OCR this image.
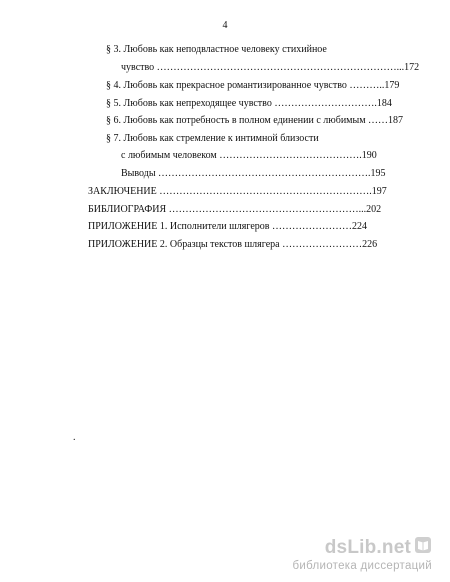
4
§ 3. Любовь как неподвластное человеку стихийное
чувство ………………………………………………………………...172
§ 4. Любовь как прекрасное романтизированное чувство ………..179
§ 5. Любовь как непреходящее чувство ………………………….184
§ 6. Любовь как потребность в полном единении с любимым ……187
§ 7. Любовь как стремление к интимной близости
с любимым человеком …………………………………….190
Выводы ……………………………………………………….195
ЗАКЛЮЧЕНИЕ ……………………………………………………….197
БИБЛИОГРАФИЯ …………………………………………………...202
ПРИЛОЖЕНИЕ 1. Исполнители шлягеров ……………………224
ПРИЛОЖЕНИЕ 2. Образцы текстов шлягера ……………………226
.
dsLib.net
библиотека диссертаций
